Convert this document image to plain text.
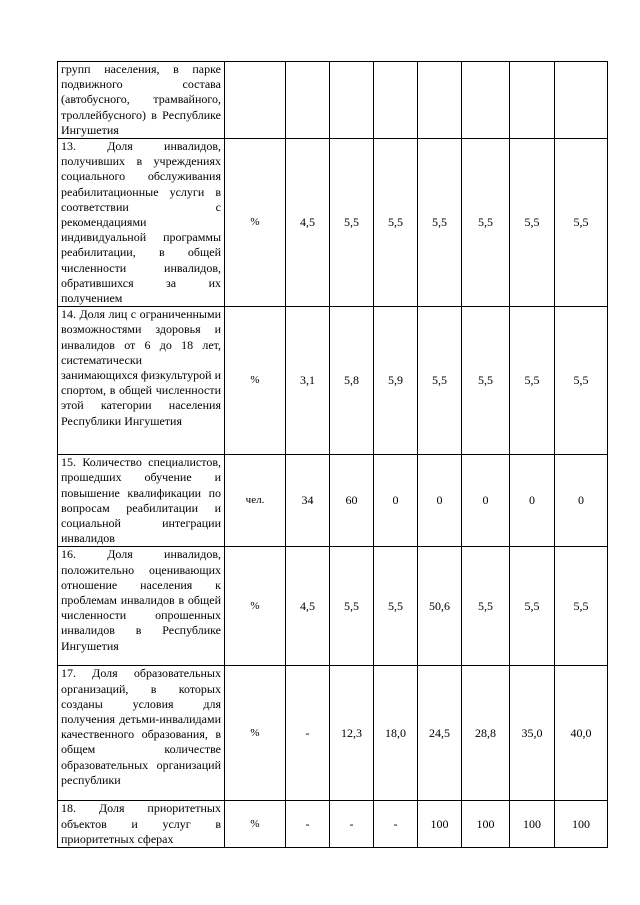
групп населения, в парке подвижного состава (автобусного, трамвайного, троллейбусного) в Республике Ингушетия								
13. Доля инвалидов, получивших в учреждениях социального обслуживания реабилитационные услуги в соответствии с рекомендациями индивидуальной программы реабилитации, в общей численности инвалидов, обратившихся за их получением	%	4,5	5,5	5,5	5,5	5,5	5,5	5,5
14. Доля лиц с ограниченными возможностями здоровья и инвалидов от 6 до 18 лет, систематически занимающихся физкультурой и спортом, в общей численности этой категории населения Республики Ингушетия	%	3,1	5,8	5,9	5,5	5,5	5,5	5,5
15. Количество специалистов, прошедших обучение и повышение квалификации по вопросам реабилитации и социальной интеграции инвалидов	чел.	34	60	0	0	0	0	0
16. Доля инвалидов, положительно оценивающих отношение населения к проблемам инвалидов в общей численности опрошенных инвалидов в Республике Ингушетия	%	4,5	5,5	5,5	50,6	5,5	5,5	5,5
17. Доля образовательных организаций, в которых созданы условия для получения детьми-инвалидами качественного образования, в общем количестве образовательных организаций республики	%	-	12,3	18,0	24,5	28,8	35,0	40,0
18. Доля приоритетных объектов и услуг в приоритетных сферах	%	-	-	-	100	100	100	100
